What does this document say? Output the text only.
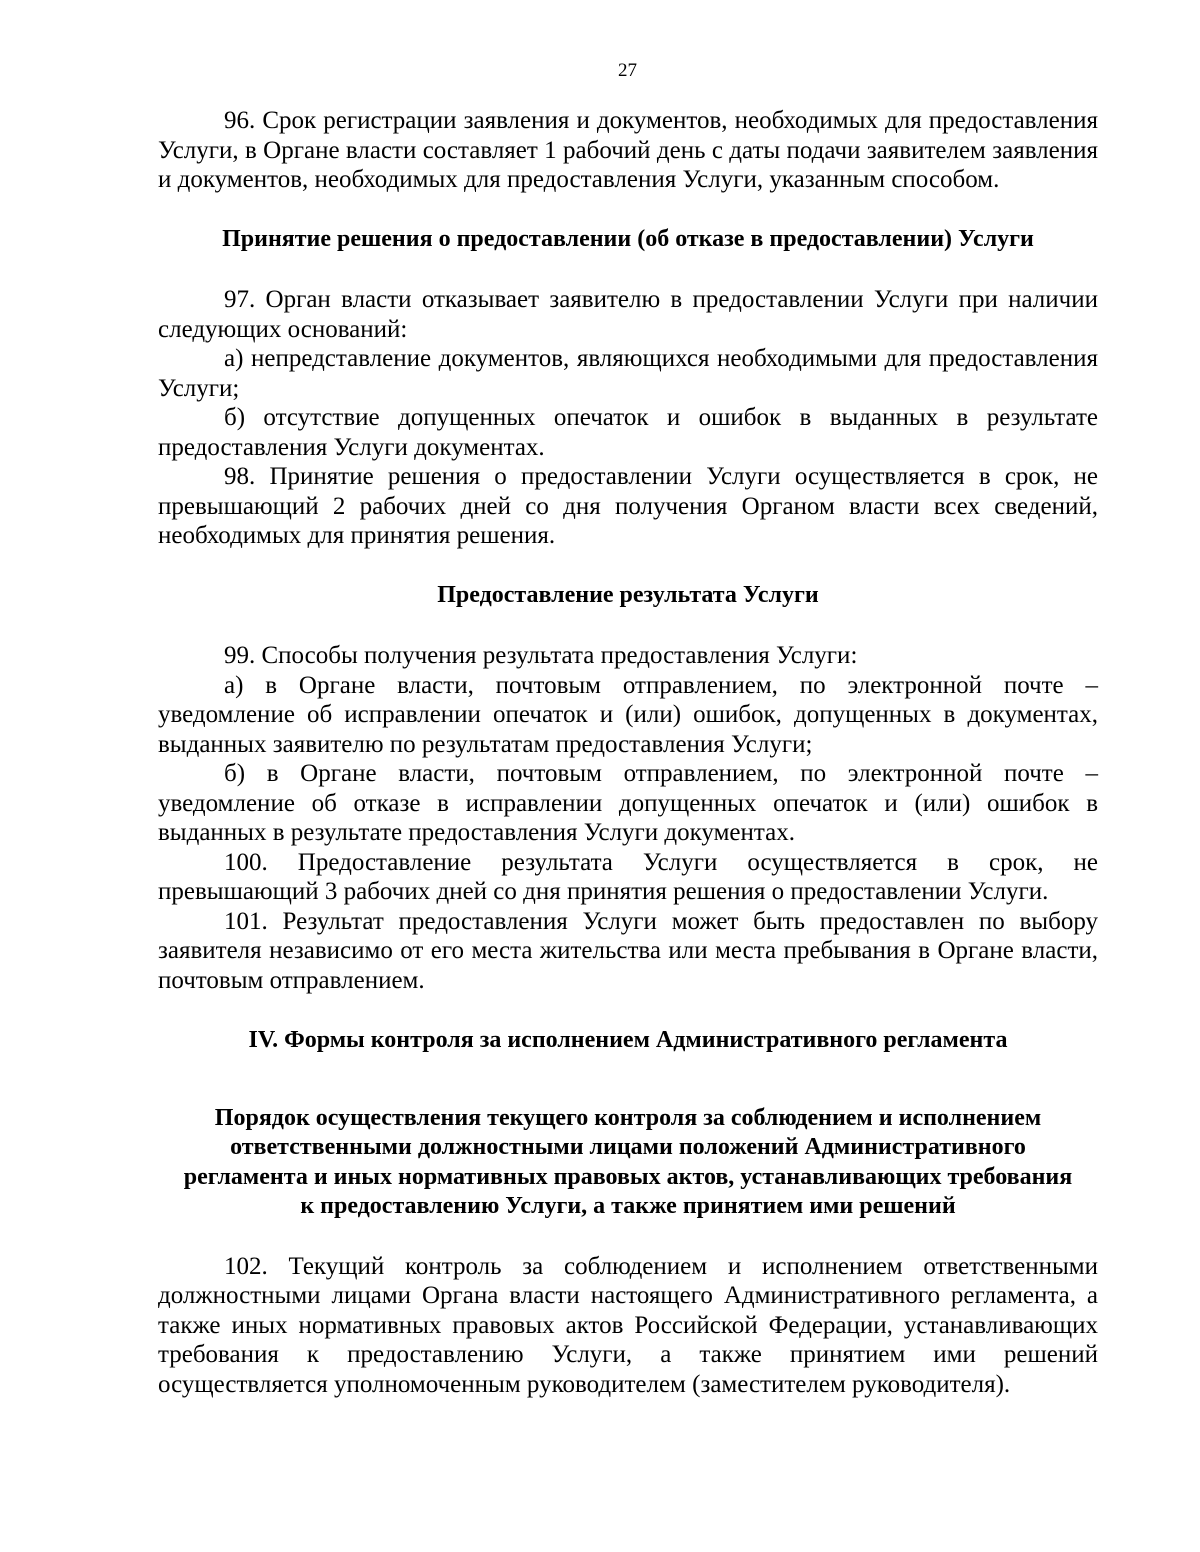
27

96. Срок регистрации заявления и документов, необходимых для предоставления Услуги, в Органе власти составляет 1 рабочий день с даты подачи заявителем заявления и документов, необходимых для предоставления Услуги, указанным способом.

Принятие решения о предоставлении (об отказе в предоставлении) Услуги

97. Орган власти отказывает заявителю в предоставлении Услуги при наличии следующих оснований:

а) непредставление документов, являющихся необходимыми для предоставления Услуги;

б) отсутствие допущенных опечаток и ошибок в выданных в результате предоставления Услуги документах.

98. Принятие решения о предоставлении Услуги осуществляется в срок, не превышающий 2 рабочих дней со дня получения Органом власти всех сведений, необходимых для принятия решения.

Предоставление результата Услуги

99. Способы получения результата предоставления Услуги:

а) в Органе власти, почтовым отправлением, по электронной почте – уведомление об исправлении опечаток и (или) ошибок, допущенных в документах, выданных заявителю по результатам предоставления Услуги;

б) в Органе власти, почтовым отправлением, по электронной почте – уведомление об отказе в исправлении допущенных опечаток и (или) ошибок в выданных в результате предоставления Услуги документах.

100. Предоставление результата Услуги осуществляется в срок, не превышающий 3 рабочих дней со дня принятия решения о предоставлении Услуги.

101. Результат предоставления Услуги может быть предоставлен по выбору заявителя независимо от его места жительства или места пребывания в Органе власти, почтовым отправлением.

IV. Формы контроля за исполнением Административного регламента
Порядок осуществления текущего контроля за соблюдением и исполнением ответственными должностными лицами положений Административного регламента и иных нормативных правовых актов, устанавливающих требования к предоставлению Услуги, а также принятием ими решений

102. Текущий контроль за соблюдением и исполнением ответственными должностными лицами Органа власти настоящего Административного регламента, а также иных нормативных правовых актов Российской Федерации, устанавливающих требования к предоставлению Услуги, а также принятием ими решений осуществляется уполномоченным руководителем (заместителем руководителя).
